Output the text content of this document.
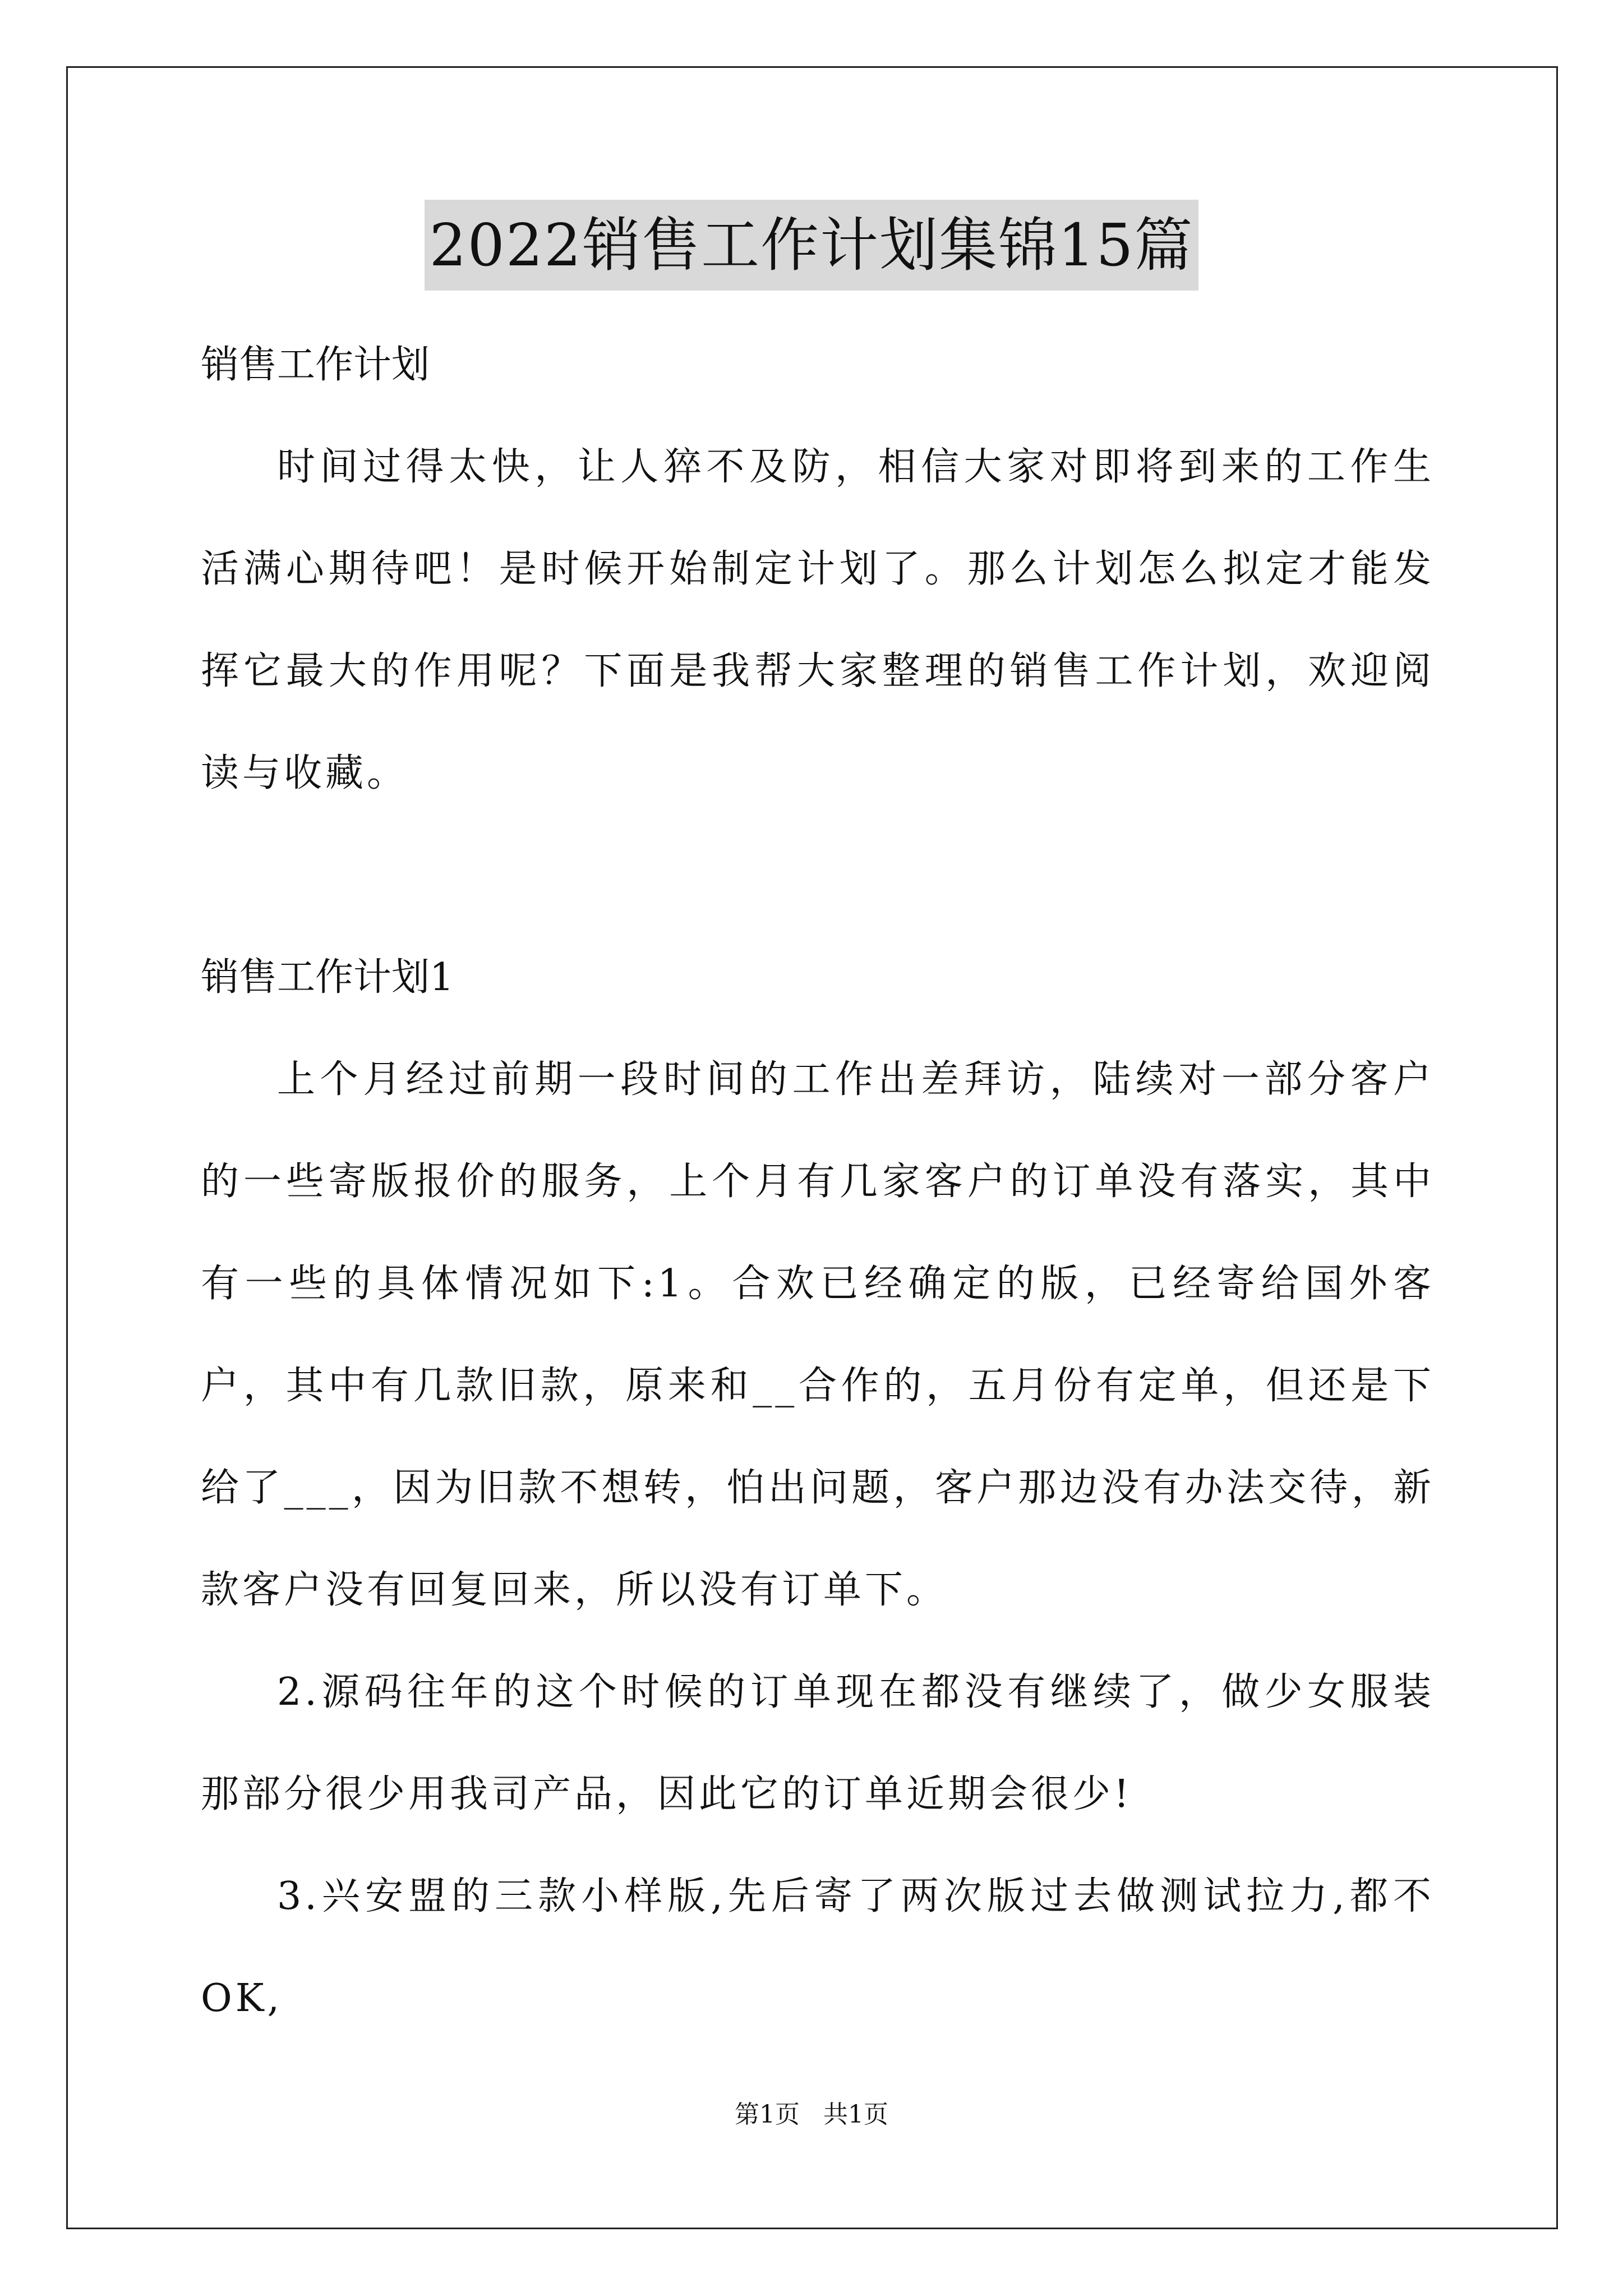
2022销售工作计划集锦15篇

销售工作计划

时间过得太快，让人猝不及防，相信大家对即将到来的工作生活满心期待吧！是时候开始制定计划了。那么计划怎么拟定才能发挥它最大的作用呢？下面是我帮大家整理的销售工作计划，欢迎阅读与收藏。

销售工作计划1

上个月经过前期一段时间的工作出差拜访，陆续对一部分客户的一些寄版报价的服务，上个月有几家客户的订单没有落实，其中有一些的具体情况如下:1。合欢已经确定的版，已经寄给国外客户，其中有几款旧款，原来和__合作的，五月份有定单，但还是下给了___，因为旧款不想转，怕出问题，客户那边没有办法交待，新款客户没有回复回来，所以没有订单下。

2.源码往年的这个时候的订单现在都没有继续了，做少女服装那部分很少用我司产品，因此它的订单近期会很少!

3.兴安盟的三款小样版,先后寄了两次版过去做测试拉力,都不OK,

第1页   共1页
